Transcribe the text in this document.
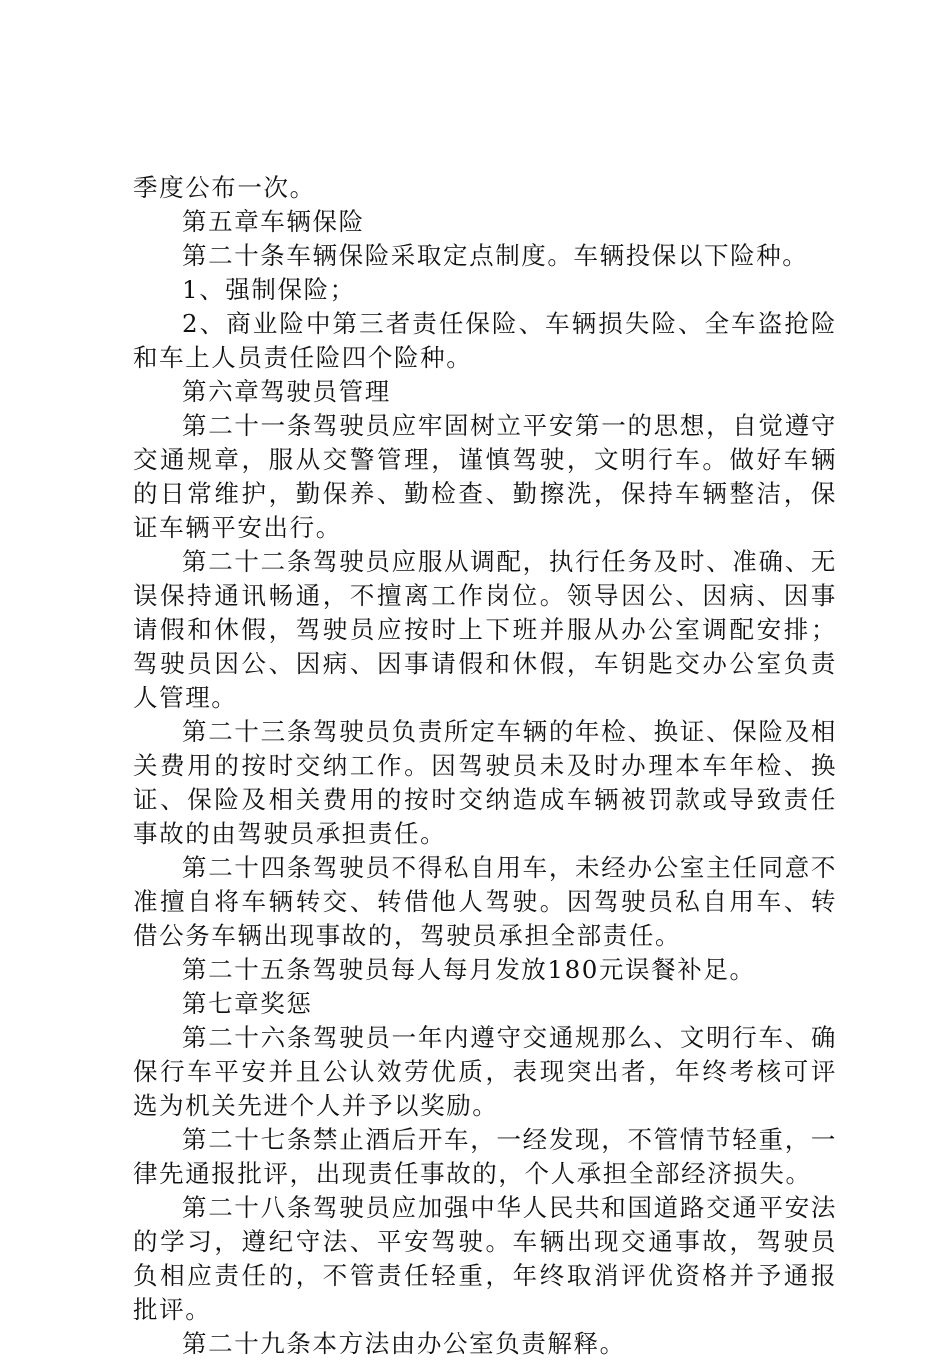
季度公布一次。

第五章车辆保险

第二十条车辆保险采取定点制度。车辆投保以下险种。

1、强制保险；

2、商业险中第三者责任保险、车辆损失险、全车盗抢险和车上人员责任险四个险种。

第六章驾驶员管理

第二十一条驾驶员应牢固树立平安第一的思想，自觉遵守交通规章，服从交警管理，谨慎驾驶，文明行车。做好车辆的日常维护，勤保养、勤检查、勤擦洗，保持车辆整洁，保证车辆平安出行。

第二十二条驾驶员应服从调配，执行任务及时、准确、无误保持通讯畅通，不擅离工作岗位。领导因公、因病、因事请假和休假，驾驶员应按时上下班并服从办公室调配安排；驾驶员因公、因病、因事请假和休假，车钥匙交办公室负责人管理。

第二十三条驾驶员负责所定车辆的年检、换证、保险及相关费用的按时交纳工作。因驾驶员未及时办理本车年检、换证、保险及相关费用的按时交纳造成车辆被罚款或导致责任事故的由驾驶员承担责任。

第二十四条驾驶员不得私自用车，未经办公室主任同意不准擅自将车辆转交、转借他人驾驶。因驾驶员私自用车、转借公务车辆出现事故的，驾驶员承担全部责任。

第二十五条驾驶员每人每月发放180元误餐补足。

第七章奖惩

第二十六条驾驶员一年内遵守交通规那么、文明行车、确保行车平安并且公认效劳优质，表现突出者，年终考核可评选为机关先进个人并予以奖励。

第二十七条禁止酒后开车，一经发现，不管情节轻重，一律先通报批评，出现责任事故的，个人承担全部经济损失。

第二十八条驾驶员应加强中华人民共和国道路交通平安法的学习，遵纪守法、平安驾驶。车辆出现交通事故，驾驶员负相应责任的，不管责任轻重，年终取消评优资格并予通报批评。

第二十九条本方法由办公室负责解释。
